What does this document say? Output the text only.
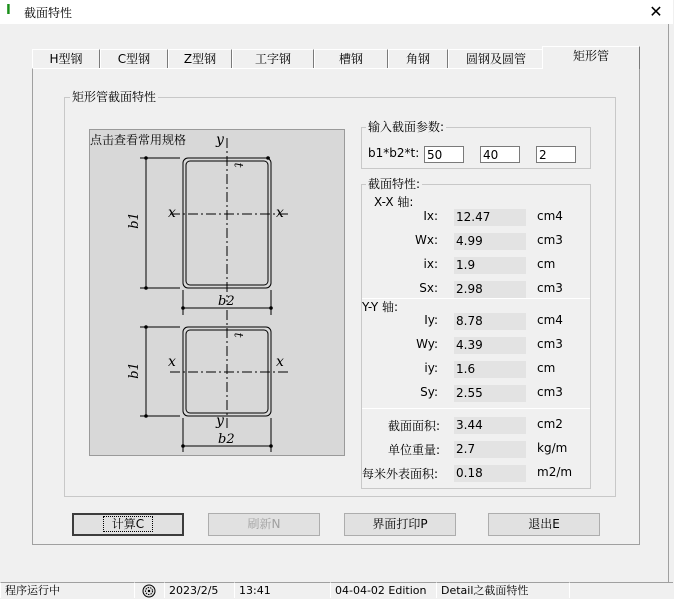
I	截面特性	✕
H型钢	C型钢	Z型钢	工字钢	槽钢	角钢	圆钢及圆管	矩形管
矩形管截面特性
点击查看常用规格 y
t
x	x
b1
b2
t
x	x
b1
y
b2
输入截面参数:
b1*b2*t:
50
40
2
截面特性:
X-X 轴:
Y-Y 轴:
Ix: 12.47	cm4
Wx: 4.99	cm3
ix: 1.9	cm
Sx: 2.98	cm3
Iy: 8.78	cm4
Wy: 4.39	cm3
iy: 1.6	cm
Sy: 2.55	cm3
截面面积: 3.44	cm2
单位重量: 2.7	kg/m
每米外表面积:	0.18	m2/m
计算C	刷新N	界面打印P	退出E
程序运行中	2023/2/5	13:41	04-04-02 Edition	Detail之截面特性
